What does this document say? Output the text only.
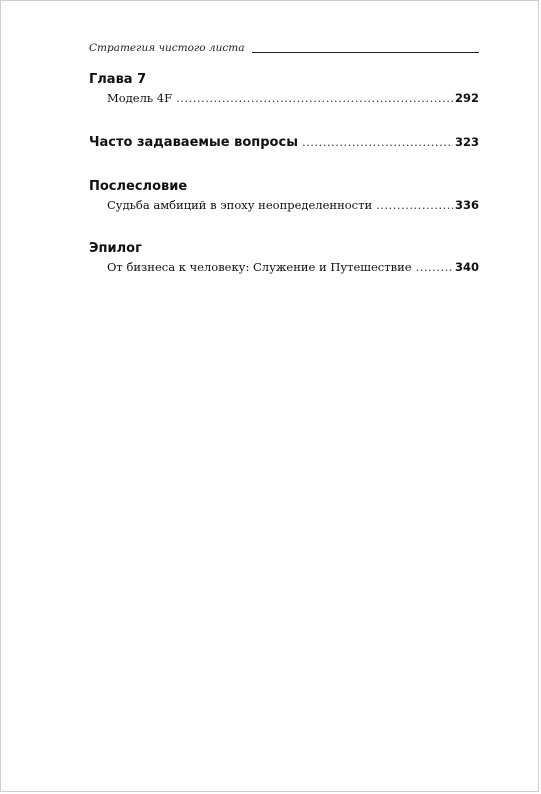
Стратегия чистого листа
Глава 7
Модель 4F .....	292
Часто задаваемые вопросы .....	323
Послесловие
Судьба амбиций в эпоху неопределенности .....	336
Эпилог
От бизнеса к человеку: Служение и Путешествие .....	340
